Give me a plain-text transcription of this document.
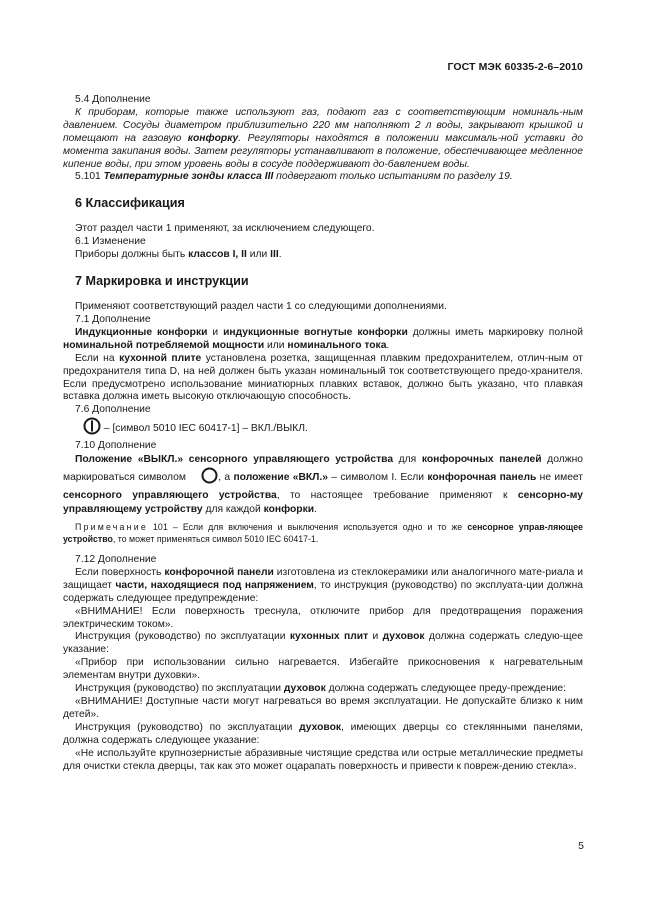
ГОСТ МЭК 60335-2-6–2010

5.4 Дополнение

К приборам, которые также используют газ, подают газ с соответствующим номиналь-ным давлением. Сосуды диаметром приблизительно 220 мм наполняют 2 л воды, закрывают крышкой и помещают на газовую конфорку. Регуляторы находятся в положении максималь-ной уставки до момента закипания воды. Затем регуляторы устанавливают в положение, обеспечивающее медленное кипение воды, при этом уровень воды в сосуде поддерживают до-бавлением воды.

5.101 Температурные зонды класса III подвергают только испытаниям по разделу 19.

6 Классификация

Этот раздел части 1 применяют, за исключением следующего.

6.1 Изменение

Приборы должны быть классов I, II или III.

7 Маркировка и инструкции

Применяют соответствующий раздел части 1 со следующими дополнениями.

7.1 Дополнение

Индукционные конфорки и индукционные вогнутые конфорки должны иметь маркировку полной номинальной потребляемой мощности или номинального тока.

Если на кухонной плите установлена розетка, защищенная плавким предохранителем, отлич-ным от предохранителя типа D, на ней должен быть указан номинальный ток соответствующего предо-хранителя. Если предусмотрено использование миниатюрных плавких вставок, должно быть указано, что плавкая вставка должна иметь высокую отключающую способность.

7.6 Дополнение

– [символ 5010 IEC 60417-1] – ВКЛ./ВЫКЛ.

7.10 Дополнение

Положение «ВЫКЛ.» сенсорного управляющего устройства для конфорочных панелей должно маркироваться символом	, а положение «ВКЛ.» – символом I. Если конфорочная панель не имеет сенсорного управляющего устройства, то настоящее требование применяют к сенсорно-му управляющему устройству для каждой конфорки.

Примечание 101 – Если для включения и выключения используется одно и то же сенсорное управ-ляющее устройство, то может применяться символ 5010 IEC 60417-1.

7.12 Дополнение

Если поверхность конфорочной панели изготовлена из стеклокерамики или аналогичного мате-риала и защищает части, находящиеся под напряжением, то инструкция (руководство) по эксплуата-ции должна содержать следующее предупреждение:

«ВНИМАНИЕ! Если поверхность треснула, отключите прибор для предотвращения поражения электрическим током».

Инструкция (руководство) по эксплуатации кухонных плит и духовок должна содержать следую-щее указание:

«Прибор при использовании сильно нагревается. Избегайте прикосновения к нагревательным элементам внутри духовки».

Инструкция (руководство) по эксплуатации духовок должна содержать следующее преду-преждение:

«ВНИМАНИЕ! Доступные части могут нагреваться во время эксплуатации. Не допускайте близко к ним детей».

Инструкция (руководство) по эксплуатации духовок, имеющих дверцы со стеклянными панелями, должна содержать следующее указание:

«Не используйте крупнозернистые абразивные чистящие средства или острые металлические предметы для очистки стекла дверцы, так как это может оцарапать поверхность и привести к повреж-дению стекла».

5
